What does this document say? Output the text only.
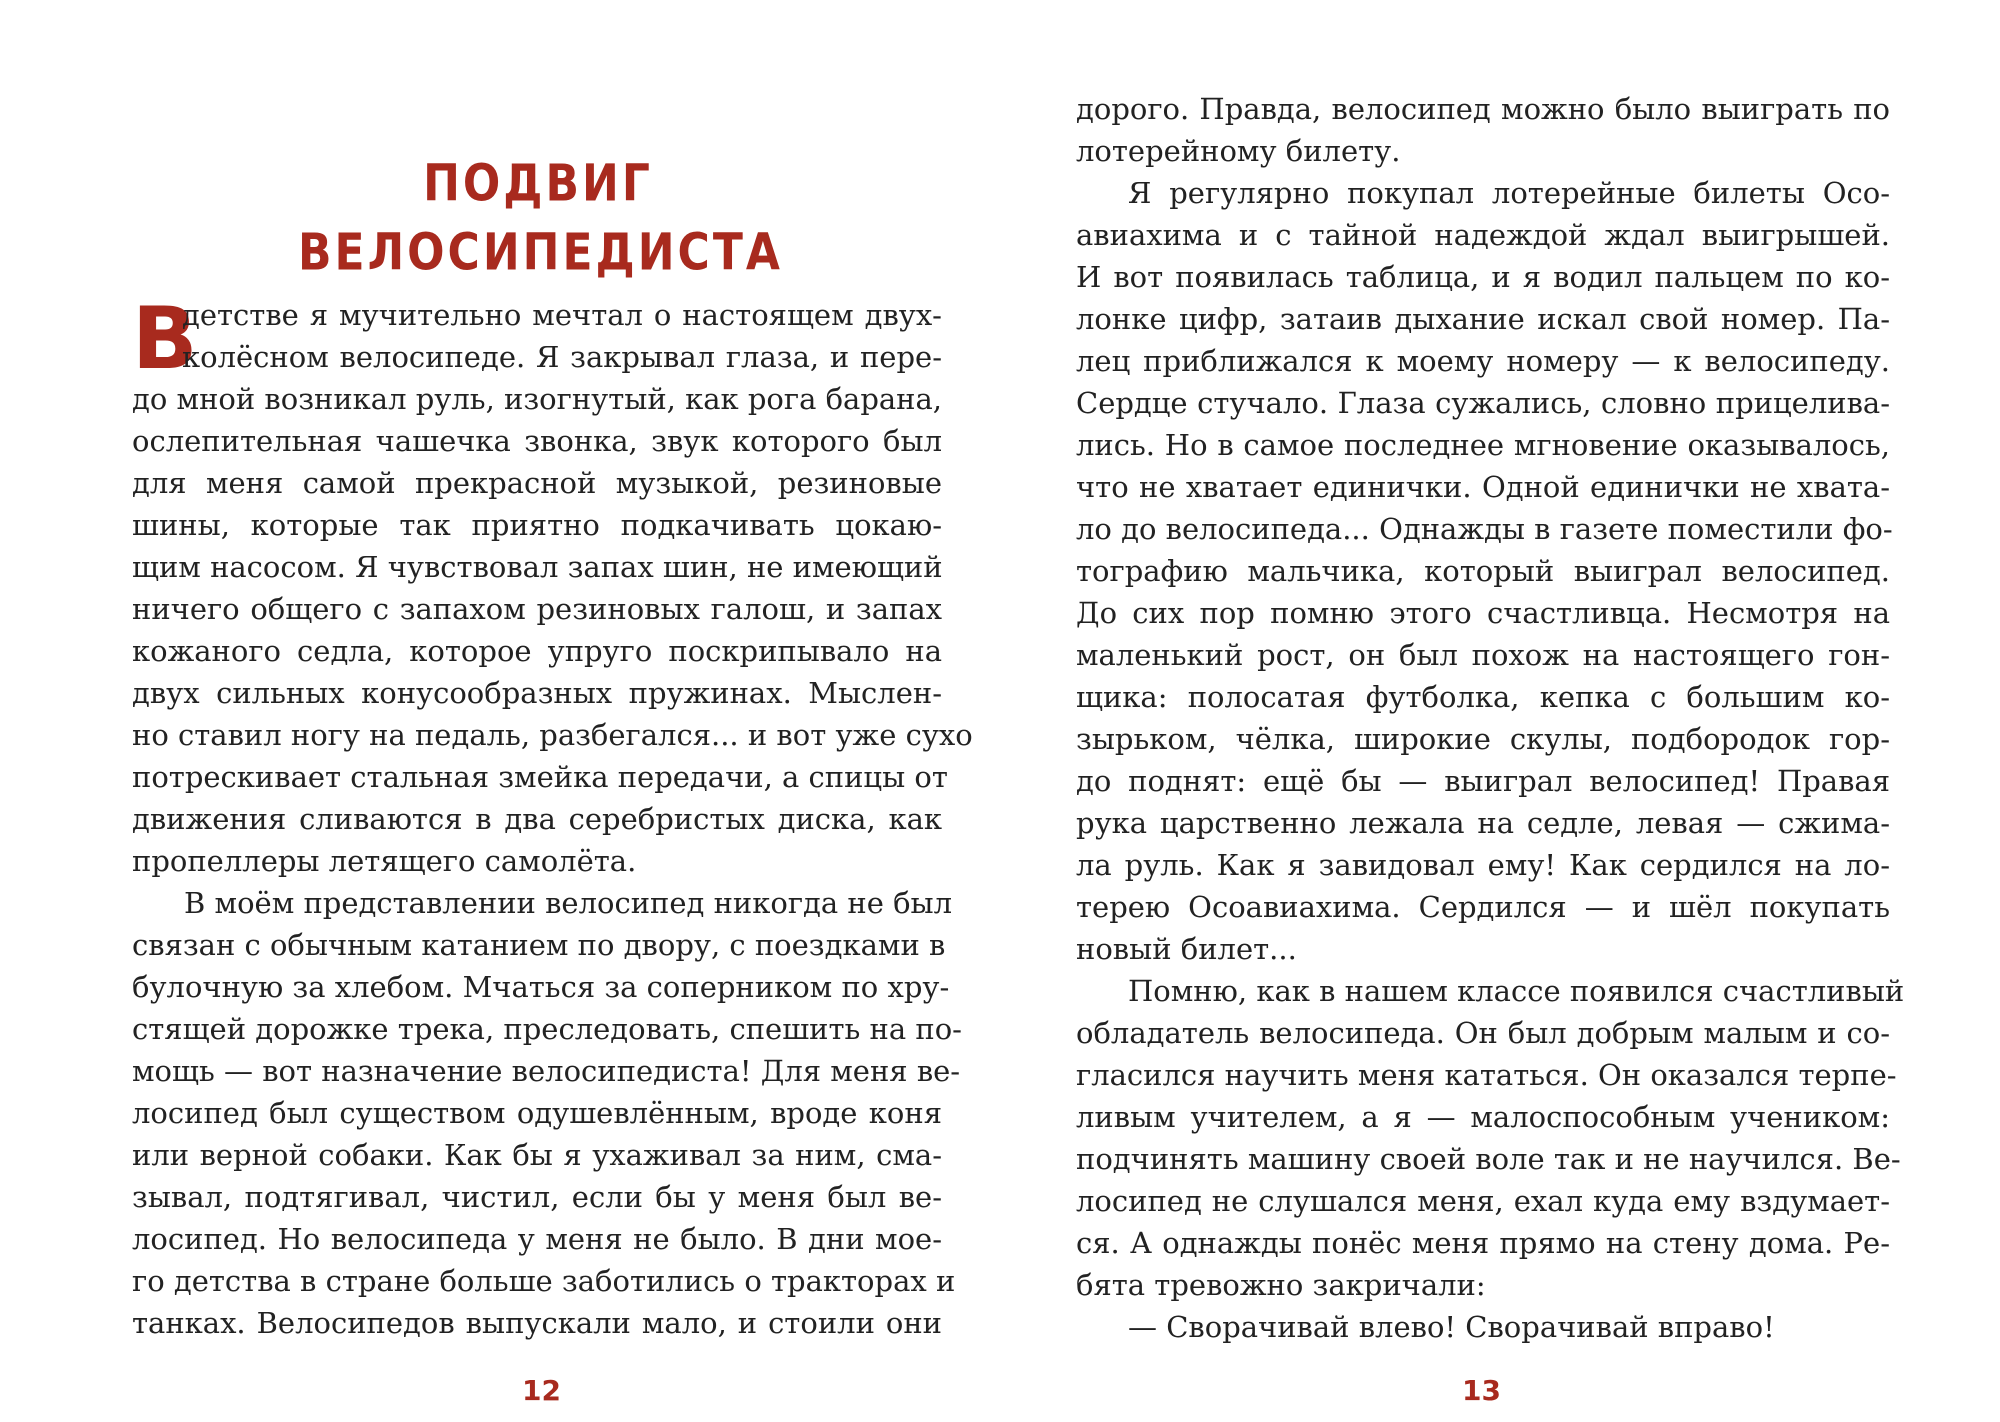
ПОДВИГ ВЕЛОСИПЕДИСТА
В
детстве я мучительно мечтал о настоящем двух-
колёсном велосипеде. Я закрывал глаза, и пере-
до мной возникал руль, изогнутый, как рога барана,
ослепительная чашечка звонка, звук которого был
для меня самой прекрасной музыкой, резиновые
шины, которые так приятно подкачивать цокаю-
щим насосом. Я чувствовал запах шин, не имеющий
ничего общего с запахом резиновых галош, и запах
кожаного седла, которое упруго поскрипывало на
двух сильных конусообразных пружинах. Мыслен-
но ставил ногу на педаль, разбегался... и вот уже сухо
потрескивает стальная змейка передачи, а спицы от
движения сливаются в два серебристых диска, как
пропеллеры летящего самолёта.
В моём представлении велосипед никогда не был
связан с обычным катанием по двору, с поездками в
булочную за хлебом. Мчаться за соперником по хру-
стящей дорожке трека, преследовать, спешить на по-
мощь — вот назначение велосипедиста! Для меня ве-
лосипед был существом одушевлённым, вроде коня
или верной собаки. Как бы я ухаживал за ним, сма-
зывал, подтягивал, чистил, если бы у меня был ве-
лосипед. Но велосипеда у меня не было. В дни мое-
го детства в стране больше заботились о тракторах и
танках. Велосипедов выпускали мало, и стоили они
12
дорого. Правда, велосипед можно было выиграть по
лотерейному билету.
Я регулярно покупал лотерейные билеты Осо-
авиахима и с тайной надеждой ждал выигрышей.
И вот появилась таблица, и я водил пальцем по ко-
лонке цифр, затаив дыхание искал свой номер. Па-
лец приближался к моему номеру — к велосипеду.
Сердце стучало. Глаза сужались, словно прицелива-
лись. Но в самое последнее мгновение оказывалось,
что не хватает единички. Одной единички не хвата-
ло до велосипеда... Однажды в газете поместили фо-
тографию мальчика, который выиграл велосипед.
До сих пор помню этого счастливца. Несмотря на
маленький рост, он был похож на настоящего гон-
щика: полосатая футболка, кепка с большим ко-
зырьком, чёлка, широкие скулы, подбородок гор-
до поднят: ещё бы — выиграл велосипед! Правая
рука царственно лежала на седле, левая — сжима-
ла руль. Как я завидовал ему! Как сердился на ло-
терею Осоавиахима. Сердился — и шёл покупать
новый билет...
Помню, как в нашем классе появился счастливый
обладатель велосипеда. Он был добрым малым и со-
гласился научить меня кататься. Он оказался терпе-
ливым учителем, а я — малоспособным учеником:
подчинять машину своей воле так и не научился. Ве-
лосипед не слушался меня, ехал куда ему вздумает-
ся. А однажды понёс меня прямо на стену дома. Ре-
бята тревожно закричали:
— Сворачивай влево! Сворачивай вправо!
13
